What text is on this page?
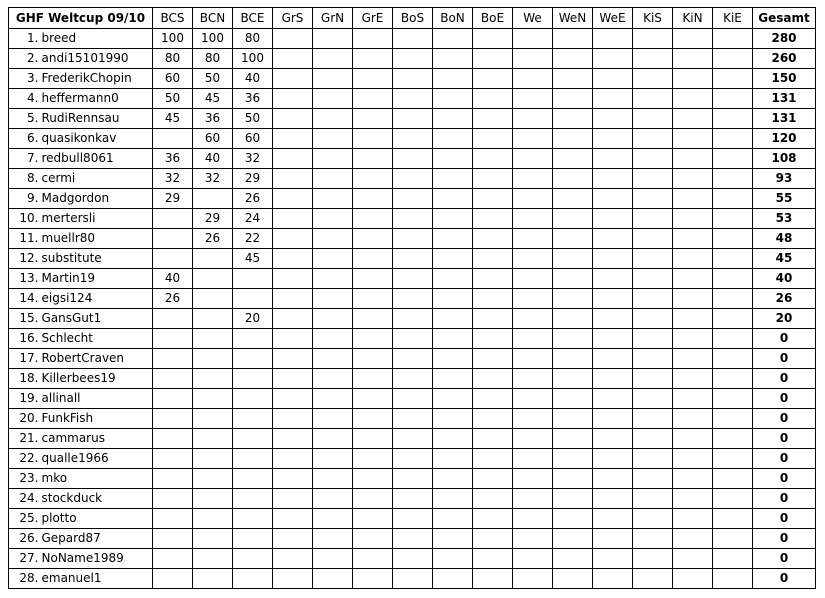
GHF Weltcup 09/10		BCS	BCN	BCE	GrS	GrN	GrE	BoS	BoN	BoE	We	WeN	WeE	KiS	KiN	KiE	Gesamt
1.	breed	100	100	80													280
2.	andi15101990	80	80	100													260
3.	FrederikChopin	60	50	40													150
4.	heffermann0	50	45	36													131
5.	RudiRennsau	45	36	50													131
6.	quasikonkav		60	60													120
7.	redbull8061	36	40	32													108
8.	cermi	32	32	29													93
9.	Madgordon	29		26													55
10.	mertersli		29	24													53
11.	muellr80		26	22													48
12.	substitute			45													45
13.	Martin19	40															40
14.	eigsi124	26															26
15.	GansGut1			20													20
16.	Schlecht																0
17.	RobertCraven																0
18.	Killerbees19																0
19.	allinall																0
20.	FunkFish																0
21.	cammarus																0
22.	qualle1966																0
23.	mko																0
24.	stockduck																0
25.	plotto																0
26.	Gepard87																0
27.	NoName1989																0
28.	emanuel1																0
